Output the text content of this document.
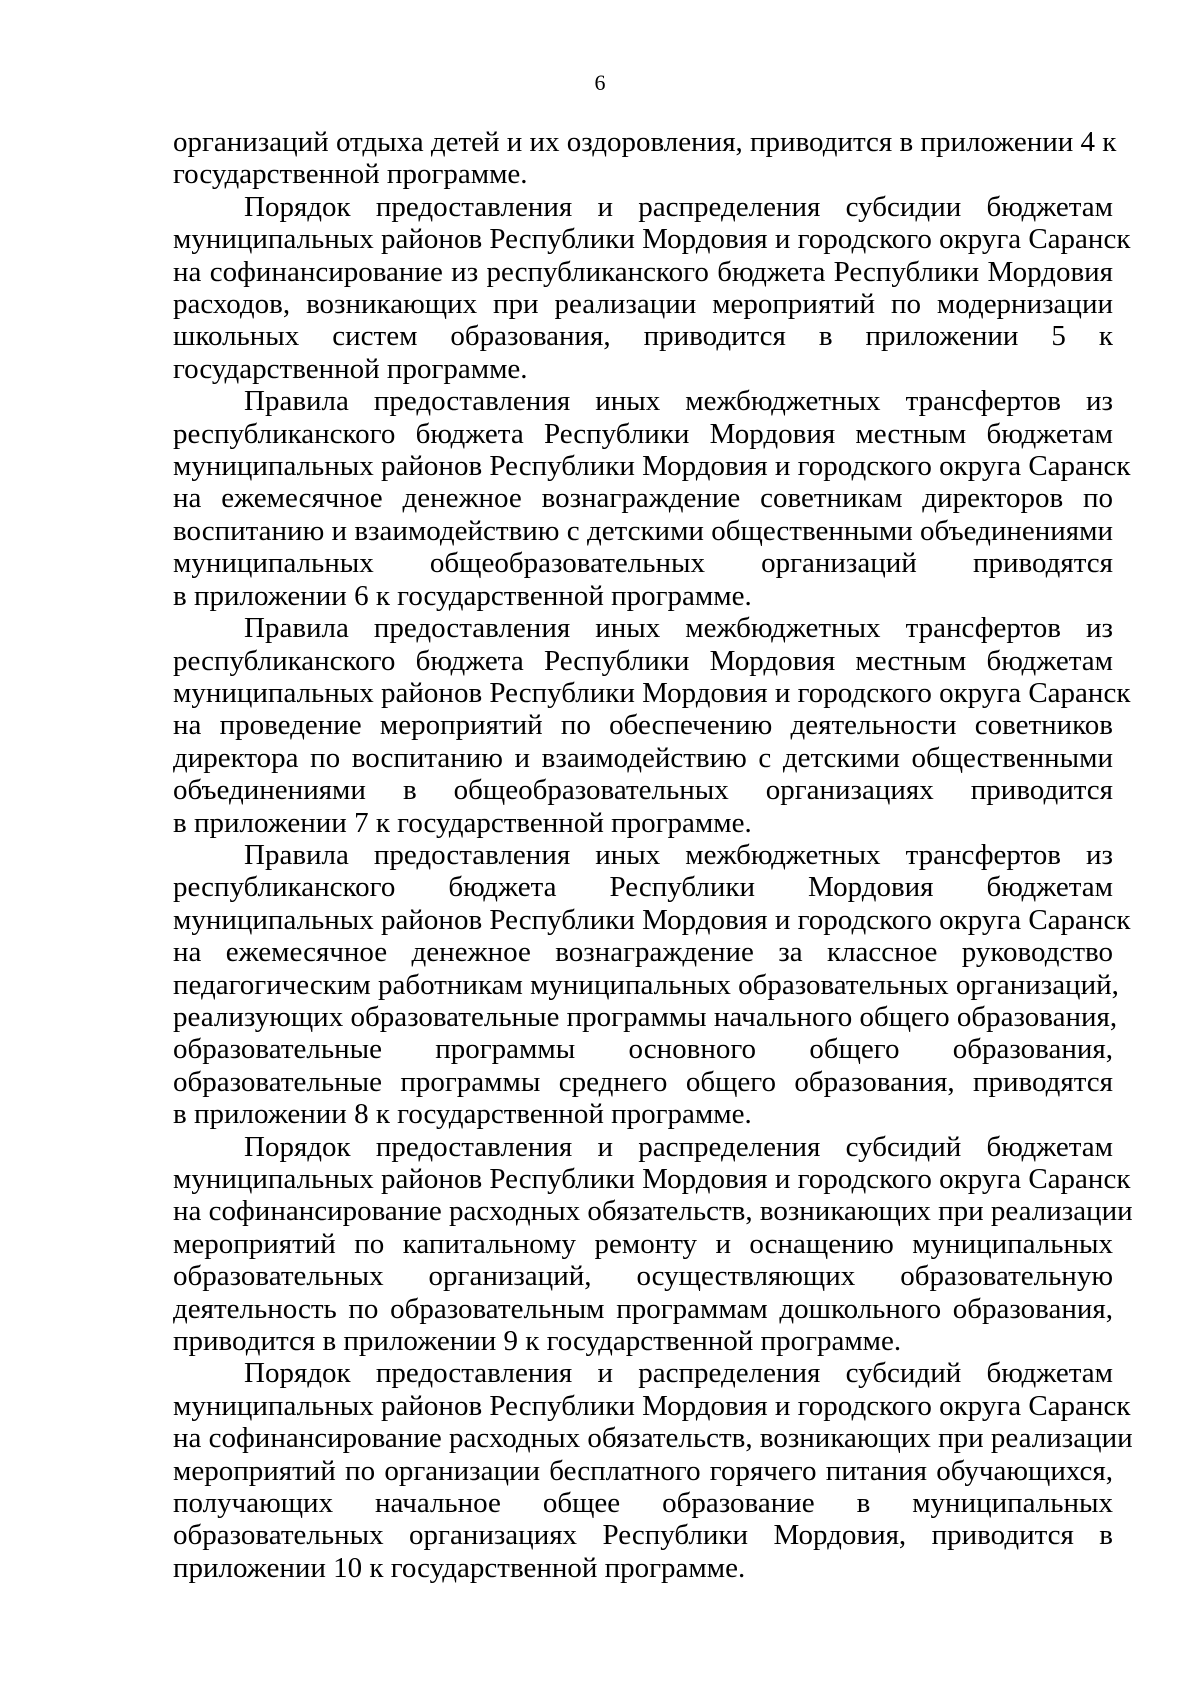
6
организаций отдыха детей и их оздоровления, приводится в приложении 4 к
государственной программе.
Порядок предоставления и распределения субсидии бюджетам
муниципальных районов Республики Мордовия и городского округа Саранск
на софинансирование из республиканского бюджета Республики Мордовия
расходов, возникающих при реализации мероприятий по модернизации
школьных систем образования, приводится в приложении 5 к
государственной программе.
Правила предоставления иных межбюджетных трансфертов из
республиканского бюджета Республики Мордовия местным бюджетам
муниципальных районов Республики Мордовия и городского округа Саранск
на ежемесячное денежное вознаграждение советникам директоров по
воспитанию и взаимодействию с детскими общественными объединениями
муниципальных общеобразовательных организаций приводятся
в приложении 6 к государственной программе.
Правила предоставления иных межбюджетных трансфертов из
республиканского бюджета Республики Мордовия местным бюджетам
муниципальных районов Республики Мордовия и городского округа Саранск
на проведение мероприятий по обеспечению деятельности советников
директора по воспитанию и взаимодействию с детскими общественными
объединениями в общеобразовательных организациях приводится
в приложении 7 к государственной программе.
Правила предоставления иных межбюджетных трансфертов из
республиканского бюджета Республики Мордовия бюджетам
муниципальных районов Республики Мордовия и городского округа Саранск
на ежемесячное денежное вознаграждение за классное руководство
педагогическим работникам муниципальных образовательных организаций,
реализующих образовательные программы начального общего образования,
образовательные программы основного общего образования,
образовательные программы среднего общего образования, приводятся
в приложении 8 к государственной программе.
Порядок предоставления и распределения субсидий бюджетам
муниципальных районов Республики Мордовия и городского округа Саранск
на софинансирование расходных обязательств, возникающих при реализации
мероприятий по капитальному ремонту и оснащению муниципальных
образовательных организаций, осуществляющих образовательную
деятельность по образовательным программам дошкольного образования,
приводится в приложении 9 к государственной программе.
Порядок предоставления и распределения субсидий бюджетам
муниципальных районов Республики Мордовия и городского округа Саранск
на софинансирование расходных обязательств, возникающих при реализации
мероприятий по организации бесплатного горячего питания обучающихся,
получающих начальное общее образование в муниципальных
образовательных организациях Республики Мордовия, приводится в
приложении 10 к государственной программе.
